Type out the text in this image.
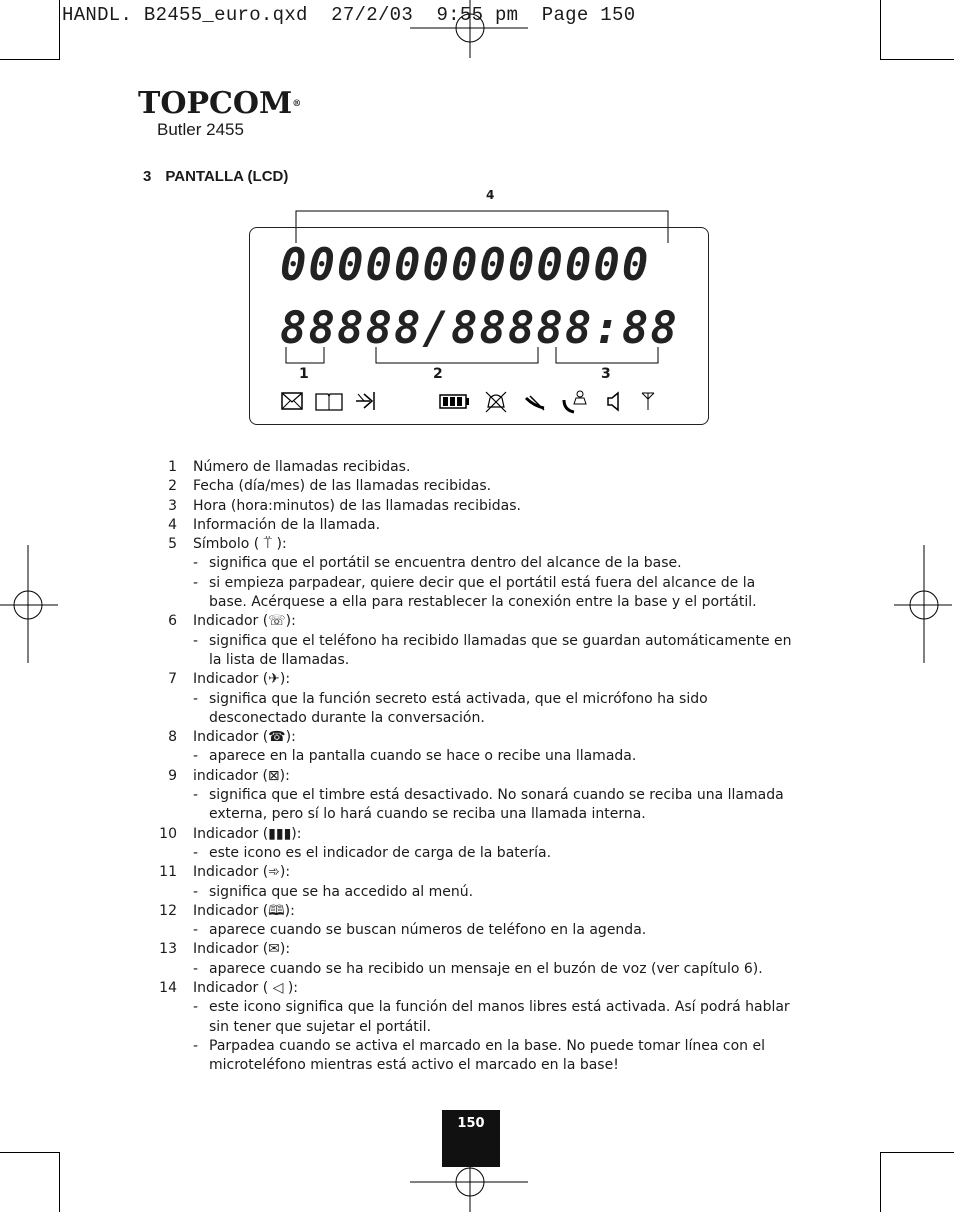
HANDL. B2455_euro.qxd  27/2/03  9:55 pm  Page 150
TOPCOM®
Butler 2455
3 PANTALLA (LCD)
4
0000000000000
88888/88888:88
1	2	3
1 Número de llamadas recibidas.
2 Fecha (día/mes) de las llamadas recibidas.
3 Hora (hora:minutos) de las llamadas recibidas.
4 Información de la llamada.
5 Símbolo ( ⍡ ):
- significa que el portátil se encuentra dentro del alcance de la base.
- si empieza parpadear, quiere decir que el portátil está fuera del alcance de la base. Acérquese a ella para restablecer la conexión entre la base y el portátil.
6 Indicador (☏):
- significa que el teléfono ha recibido llamadas que se guardan automáticamente en la lista de llamadas.
7 Indicador (✈):
- significa que la función secreto está activada, que el micrófono ha sido desconectado durante la conversación.
8 Indicador (☎):
- aparece en la pantalla cuando se hace o recibe una llamada.
9 indicador (⊠):
- significa que el timbre está desactivado. No sonará cuando se reciba una llamada externa, pero sí lo hará cuando se reciba una llamada interna.
10 Indicador (▮▮▮):
- este icono es el indicador de carga de la batería.
11 Indicador (➾):
- significa que se ha accedido al menú.
12 Indicador (🕮):
- aparece cuando se buscan números de teléfono en la agenda.
13 Indicador (✉):
- aparece cuando se ha recibido un mensaje en el buzón de voz (ver capítulo 6).
14 Indicador ( ◁ ):
- este icono significa que la función del manos libres está activada. Así podrá hablar sin tener que sujetar el portátil.
- Parpadea cuando se activa el marcado en la base. No puede tomar línea con el microteléfono mientras está activo el marcado en la base!
150
